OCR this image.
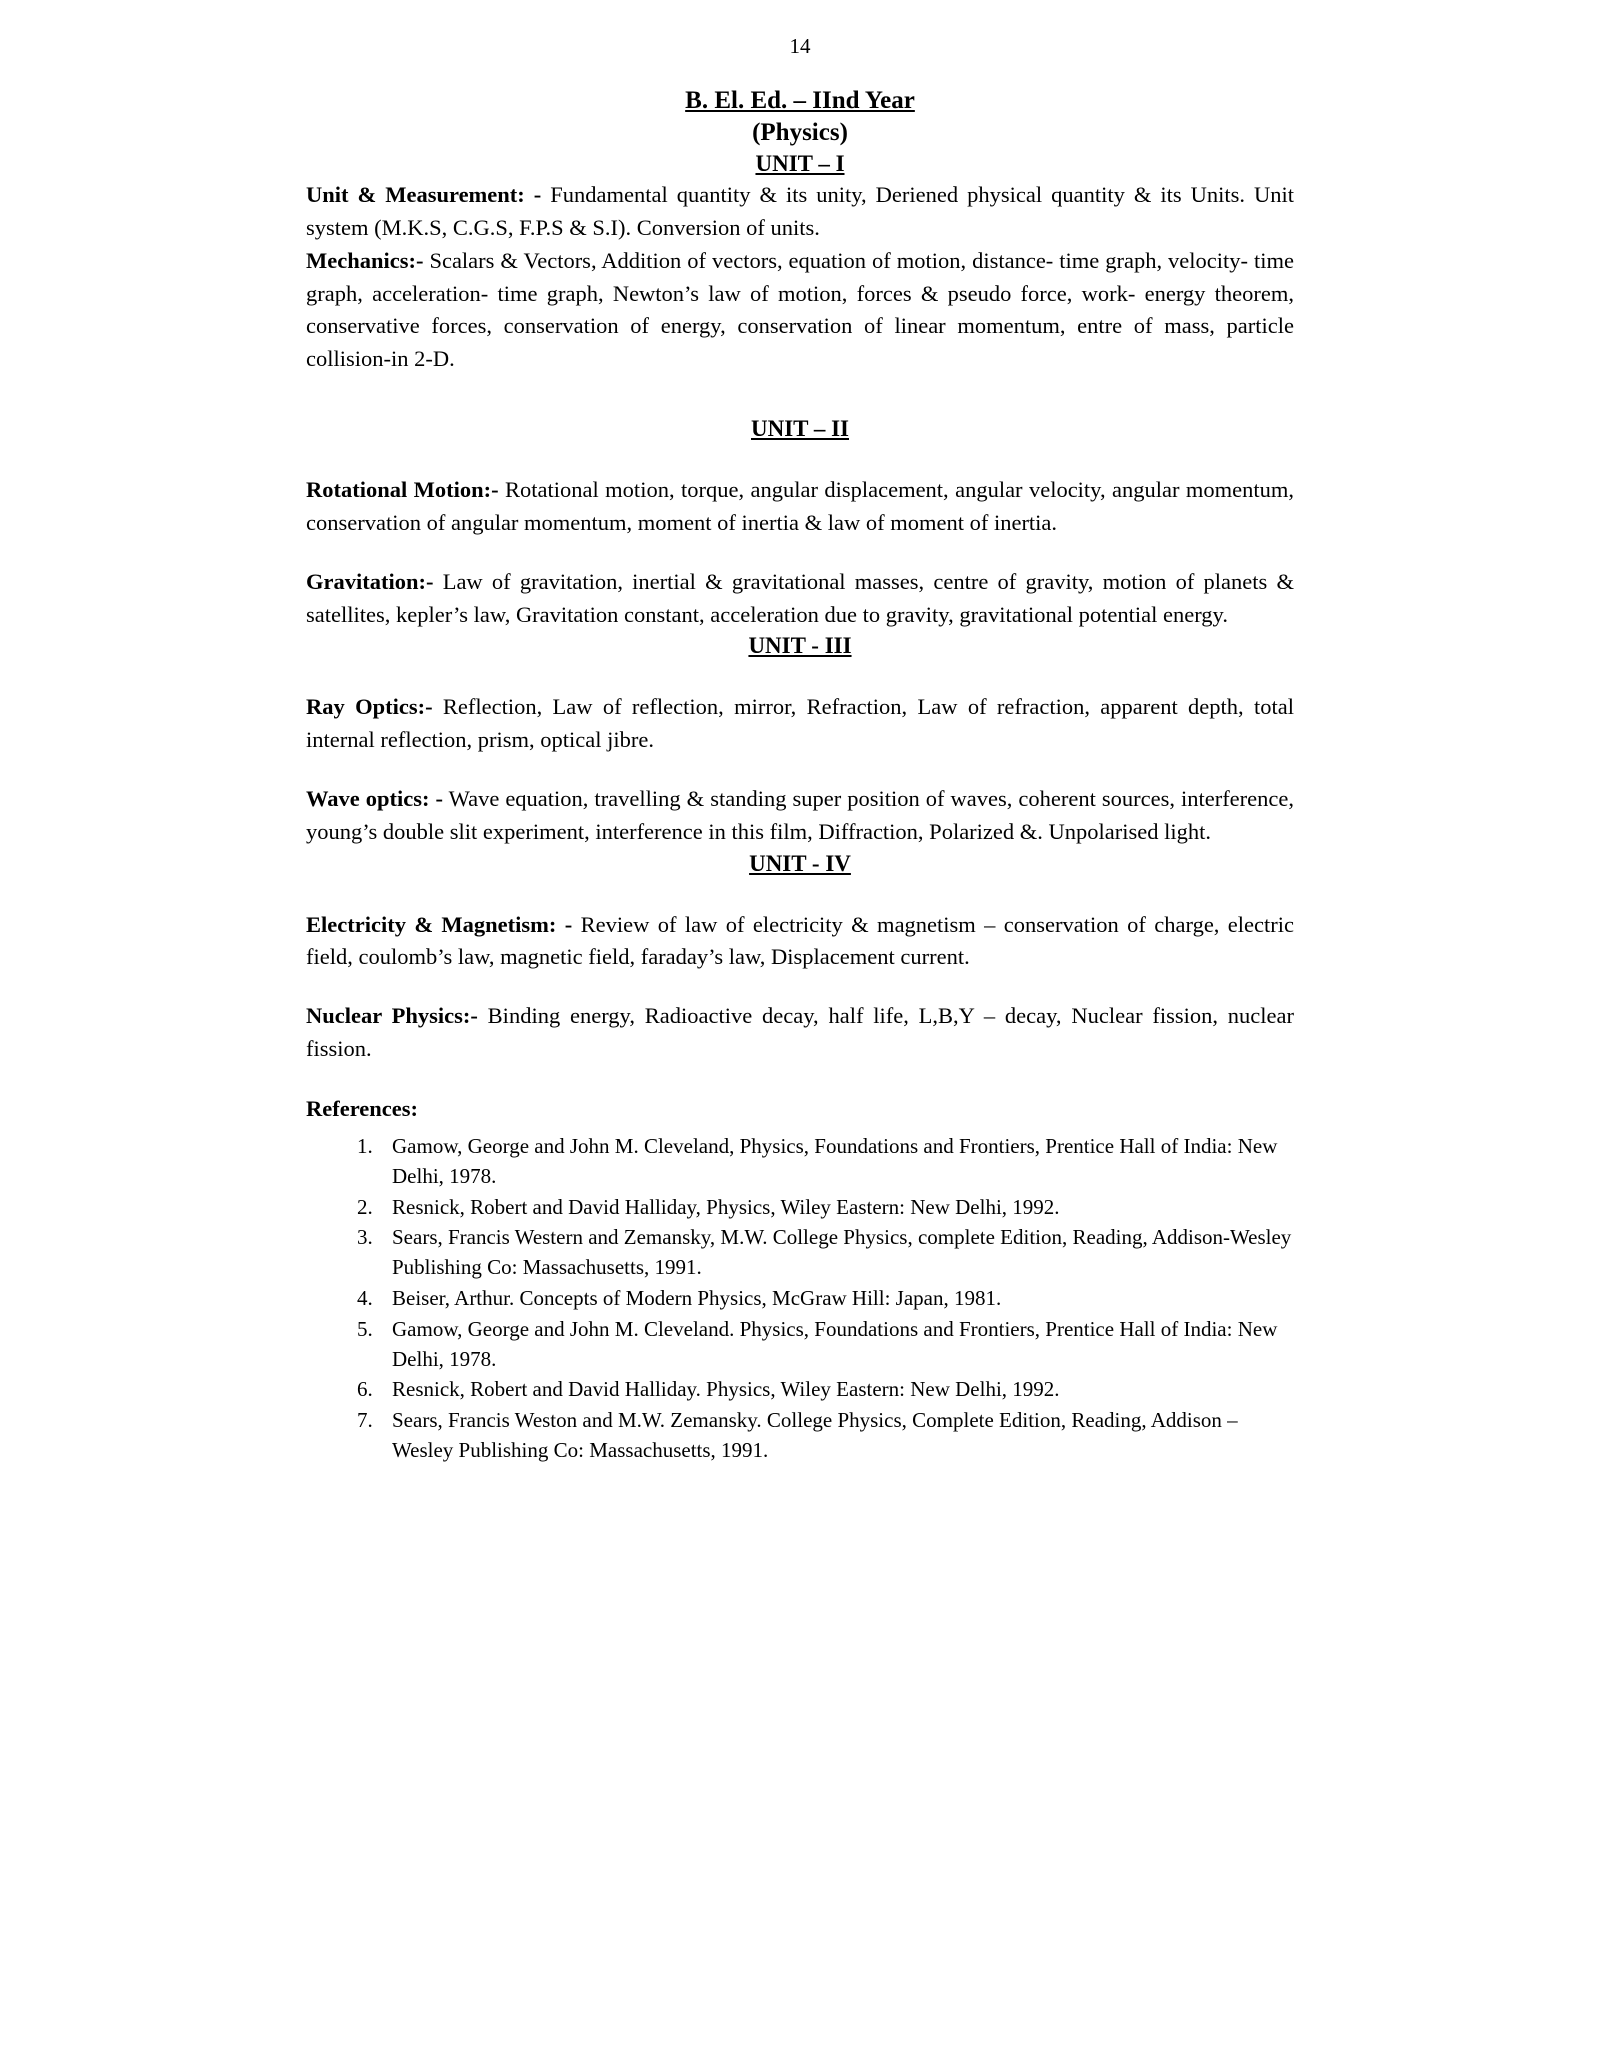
14
B. El. Ed. – IInd Year
(Physics)
UNIT – I

Unit & Measurement: - Fundamental quantity & its unity, Deriened physical quantity & its Units. Unit system (M.K.S, C.G.S, F.P.S & S.I). Conversion of units.

Mechanics:- Scalars & Vectors, Addition of vectors, equation of motion, distance- time graph, velocity- time graph, acceleration- time graph, Newton’s law of motion, forces & pseudo force, work- energy theorem, conservative forces, conservation of energy, conservation of linear momentum, entre of mass, particle collision-in 2-D.

UNIT – II

Rotational Motion:- Rotational motion, torque, angular displacement, angular velocity, angular momentum, conservation of angular momentum, moment of inertia & law of moment of inertia.

Gravitation:- Law of gravitation, inertial & gravitational masses, centre of gravity, motion of planets & satellites, kepler’s law, Gravitation constant, acceleration due to gravity, gravitational potential energy.

UNIT - III

Ray Optics:- Reflection, Law of reflection, mirror, Refraction, Law of refraction, apparent depth, total internal reflection, prism, optical jibre.

Wave optics: - Wave equation, travelling & standing super position of waves, coherent sources, interference, young’s double slit experiment, interference in this film, Diffraction, Polarized &. Unpolarised light.

UNIT - IV

Electricity & Magnetism: - Review of law of electricity & magnetism – conservation of charge, electric field, coulomb’s law, magnetic field, faraday’s law, Displacement current.

Nuclear Physics:- Binding energy, Radioactive decay, half life, L,B,Y – decay, Nuclear fission, nuclear fission.

References:
1. Gamow, George and John M. Cleveland, Physics, Foundations and Frontiers, Prentice Hall of India: New Delhi, 1978.
2. Resnick, Robert and David Halliday, Physics, Wiley Eastern: New Delhi, 1992.
3. Sears, Francis Western and Zemansky, M.W. College Physics, complete Edition, Reading, Addison-Wesley Publishing Co: Massachusetts, 1991.
4. Beiser, Arthur. Concepts of Modern Physics, McGraw Hill: Japan, 1981.
5. Gamow, George and John M. Cleveland. Physics, Foundations and Frontiers, Prentice Hall of India: New Delhi, 1978.
6. Resnick, Robert and David Halliday. Physics, Wiley Eastern: New Delhi, 1992.
7. Sears, Francis Weston and M.W. Zemansky. College Physics, Complete Edition, Reading, Addison – Wesley Publishing Co: Massachusetts, 1991.
